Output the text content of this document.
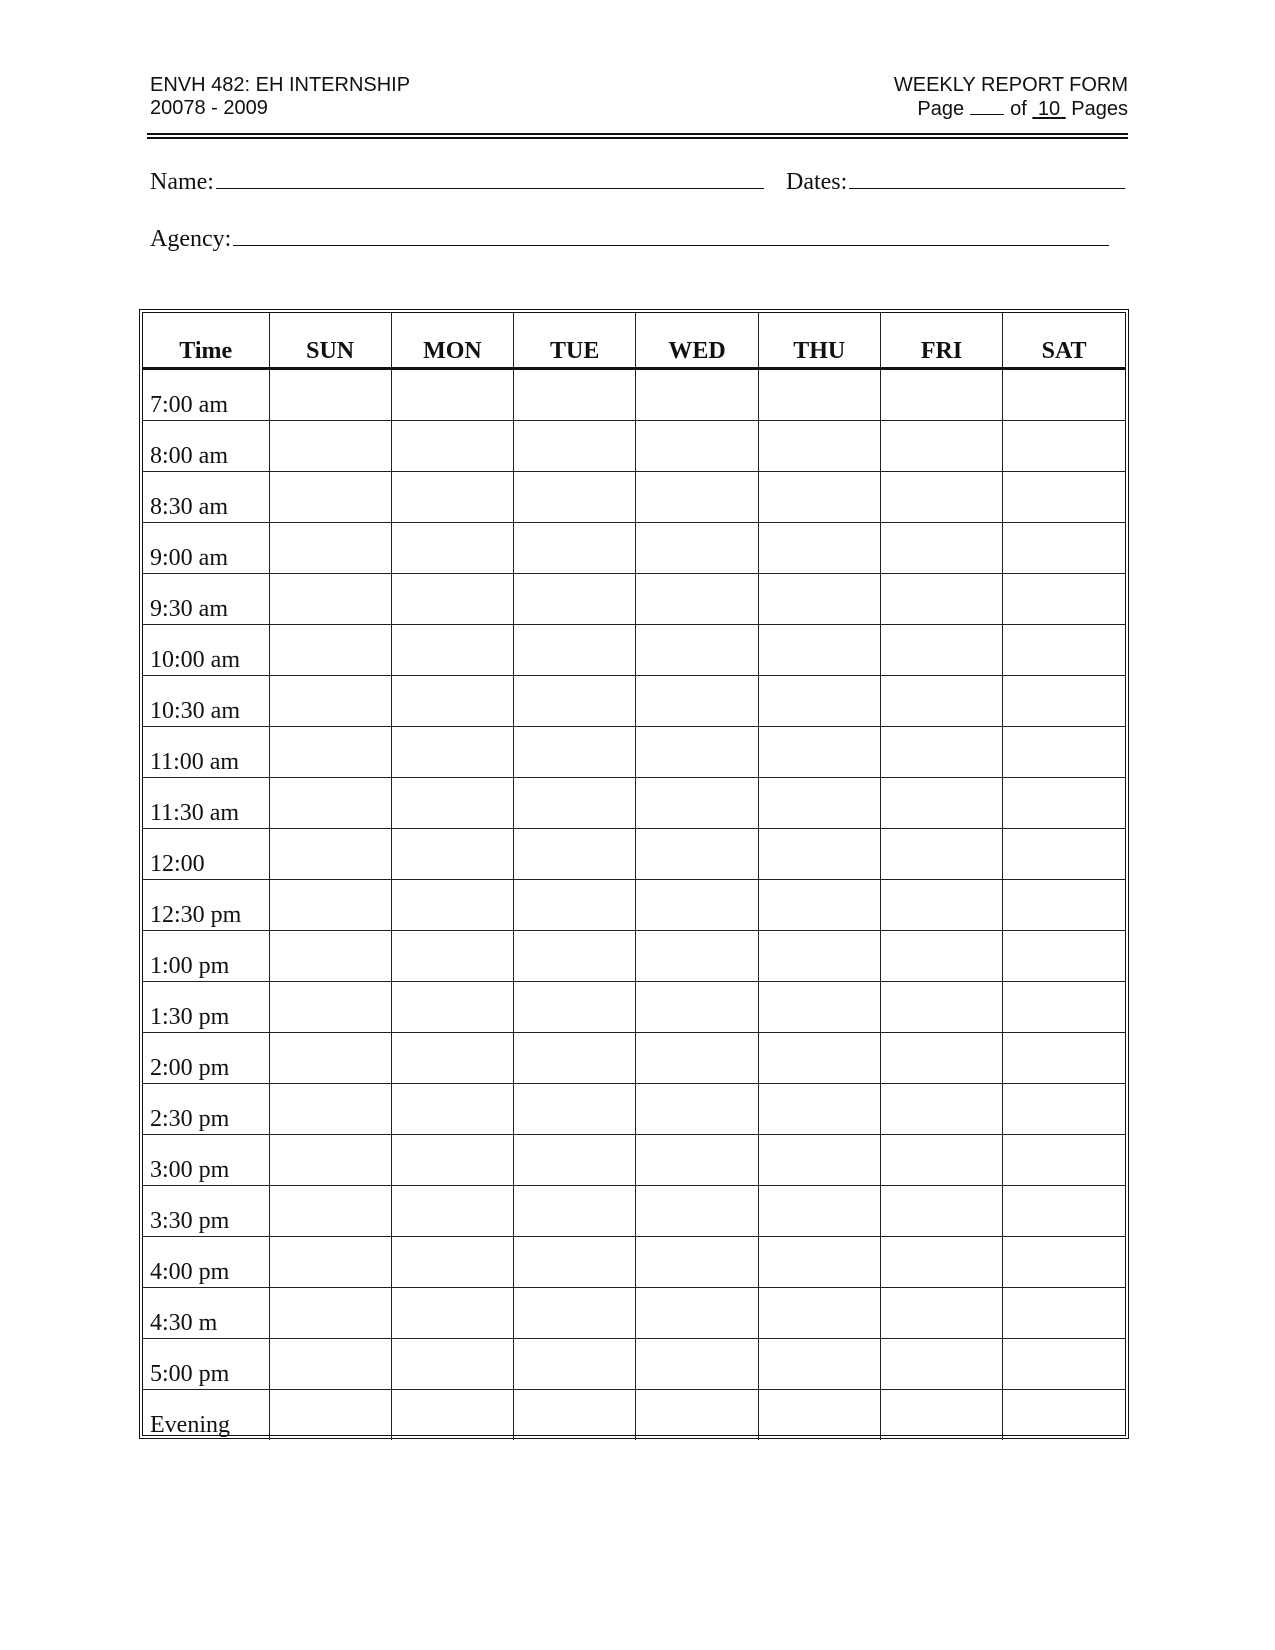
ENVH 482: EH INTERNSHIP
20078 - 2009
WEEKLY REPORT FORM

Page of 10 Pages
Name:	Dates:
Agency:
Time	SUN	MON	TUE	WED	THU	FRI	SAT
7:00 am							
8:00 am							
8:30 am							
9:00 am							
9:30 am							
10:00 am							
10:30 am							
11:00 am							
11:30 am							
12:00							
12:30 pm							
1:00 pm							
1:30 pm							
2:00 pm							
2:30 pm							
3:00 pm							
3:30 pm							
4:00 pm							
4:30 m							
5:00 pm							
Evening							
